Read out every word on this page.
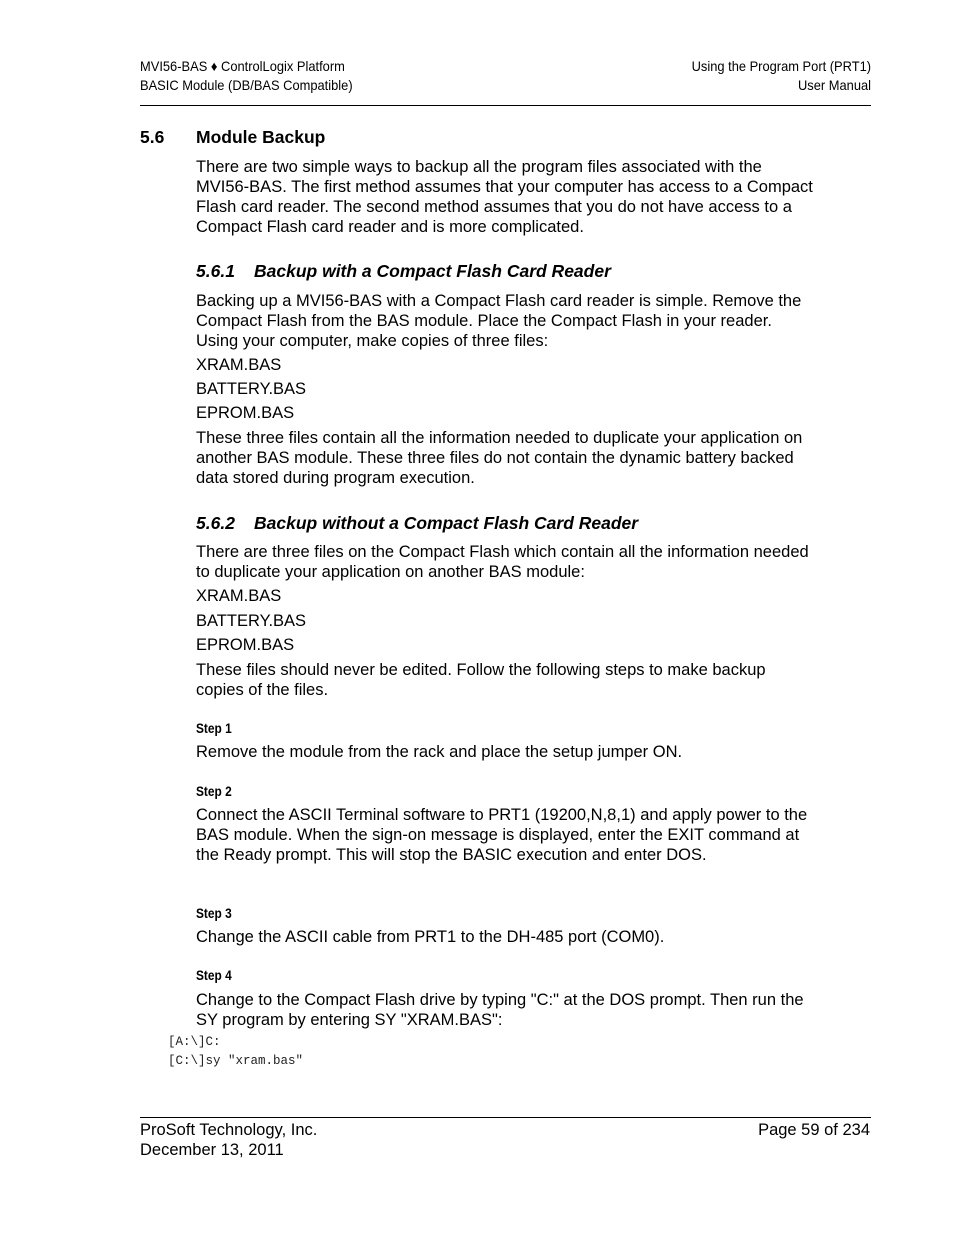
MVI56-BAS ♦ ControlLogix Platform
BASIC Module (DB/BAS Compatible)
Using the Program Port (PRT1)
User Manual
5.6 Module Backup
There are two simple ways to backup all the program files associated with the MVI56-BAS. The first method assumes that your computer has access to a Compact Flash card reader. The second method assumes that you do not have access to a Compact Flash card reader and is more complicated.
5.6.1 Backup with a Compact Flash Card Reader
Backing up a MVI56-BAS with a Compact Flash card reader is simple. Remove the Compact Flash from the BAS module. Place the Compact Flash in your reader. Using your computer, make copies of three files:
XRAM.BAS
BATTERY.BAS
EPROM.BAS
These three files contain all the information needed to duplicate your application on another BAS module. These three files do not contain the dynamic battery backed data stored during program execution.
5.6.2 Backup without a Compact Flash Card Reader
There are three files on the Compact Flash which contain all the information needed to duplicate your application on another BAS module:
XRAM.BAS
BATTERY.BAS
EPROM.BAS
These files should never be edited. Follow the following steps to make backup copies of the files.
Step 1
Remove the module from the rack and place the setup jumper ON.
Step 2
Connect the ASCII Terminal software to PRT1 (19200,N,8,1) and apply power to the BAS module. When the sign-on message is displayed, enter the EXIT command at the Ready prompt. This will stop the BASIC execution and enter DOS.
Step 3
Change the ASCII cable from PRT1 to the DH-485 port (COM0).
Step 4
Change to the Compact Flash drive by typing "C:" at the DOS prompt. Then run the SY program by entering SY "XRAM.BAS":
[A:\]C:
[C:\]sy "xram.bas"
ProSoft Technology, Inc.
December 13, 2011
Page 59 of 234
